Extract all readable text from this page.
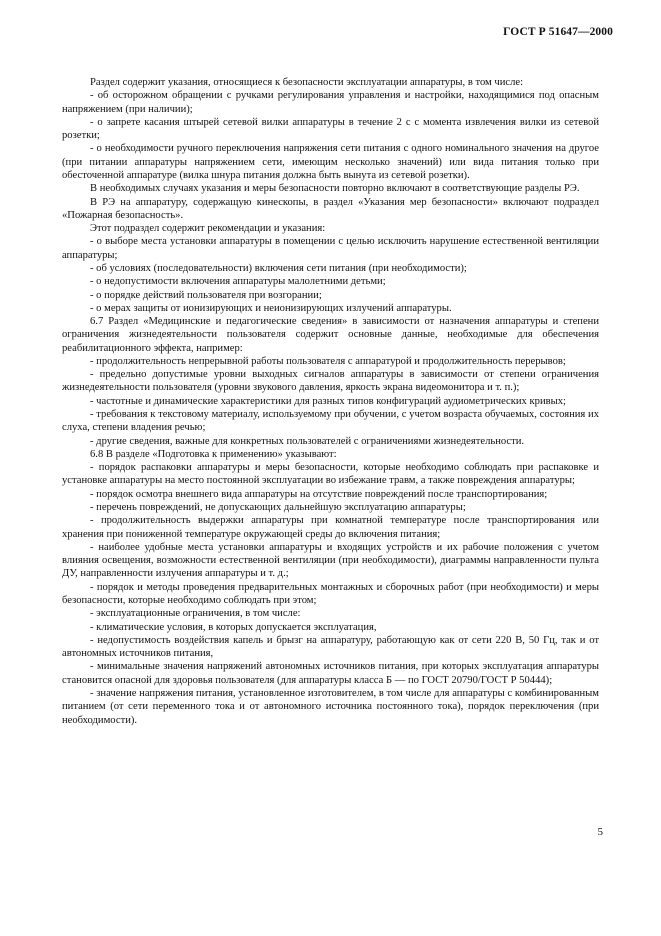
ГОСТ Р 51647—2000

Раздел содержит указания, относящиеся к безопасности эксплуатации аппаратуры, в том числе:

- об осторожном обращении с ручками регулирования управления и настройки, находящимися под опасным напряжением (при наличии);

- о запрете касания штырей сетевой вилки аппаратуры в течение 2 с с момента извлечения вилки из сетевой розетки;

- о необходимости ручного переключения напряжения сети питания с одного номинального значения на другое (при питании аппаратуры напряжением сети, имеющим несколько значений) или вида питания только при обесточенной аппаратуре (вилка шнура питания должна быть вынута из сетевой розетки).

В необходимых случаях указания и меры безопасности повторно включают в соответствующие разделы РЭ.

В РЭ на аппаратуру, содержащую кинескопы, в раздел «Указания мер безопасности» включают подраздел «Пожарная безопасность».

Этот подраздел содержит рекомендации и указания:

- о выборе места установки аппаратуры в помещении с целью исключить нарушение естественной вентиляции аппаратуры;

- об условиях (последовательности) включения сети питания (при необходимости);

- о недопустимости включения аппаратуры малолетними детьми;

- о порядке действий пользователя при возгорании;

- о мерах защиты от ионизирующих и неионизирующих излучений аппаратуры.

6.7 Раздел «Медицинские и педагогические сведения» в зависимости от назначения аппаратуры и степени ограничения жизнедеятельности пользователя содержит основные данные, необходимые для обеспечения реабилитационного эффекта, например:

- продолжительность непрерывной работы пользователя с аппаратурой и продолжительность перерывов;

- предельно допустимые уровни выходных сигналов аппаратуры в зависимости от степени ограничения жизнедеятельности пользователя (уровни звукового давления, яркость экрана видеомонитора и т. п.);

- частотные и динамические характеристики для разных типов конфигураций аудиометрических кривых;

- требования к текстовому материалу, используемому при обучении, с учетом возраста обучаемых, состояния их слуха, степени владения речью;

- другие сведения, важные для конкретных пользователей с ограничениями жизнедеятельности.

6.8 В разделе «Подготовка к применению» указывают:

- порядок распаковки аппаратуры и меры безопасности, которые необходимо соблюдать при распаковке и установке аппаратуры на место постоянной эксплуатации во избежание травм, а также повреждения аппаратуры;

- порядок осмотра внешнего вида аппаратуры на отсутствие повреждений после транспортирования;

- перечень повреждений, не допускающих дальнейшую эксплуатацию аппаратуры;

- продолжительность выдержки аппаратуры при комнатной температуре после транспортирования или хранения при пониженной температуре окружающей среды до включения питания;

- наиболее удобные места установки аппаратуры и входящих устройств и их рабочие положения с учетом влияния освещения, возможности естественной вентиляции (при необходимости), диаграммы направленности пульта ДУ, направленности излучения аппаратуры и т. д.;

- порядок и методы проведения предварительных монтажных и сборочных работ (при необходимости) и меры безопасности, которые необходимо соблюдать при этом;

- эксплуатационные ограничения, в том числе:

- климатические условия, в которых допускается эксплуатация,

- недопустимость воздействия капель и брызг на аппаратуру, работающую как от сети 220 В, 50 Гц, так и от автономных источников питания,

- минимальные значения напряжений автономных источников питания, при которых эксплуатация аппаратуры становится опасной для здоровья пользователя (для аппаратуры класса Б — по ГОСТ 20790/ГОСТ Р 50444);

- значение напряжения питания, установленное изготовителем, в том числе для аппаратуры с комбинированным питанием (от сети переменного тока и от автономного источника постоянного тока), порядок переключения (при необходимости).

5
